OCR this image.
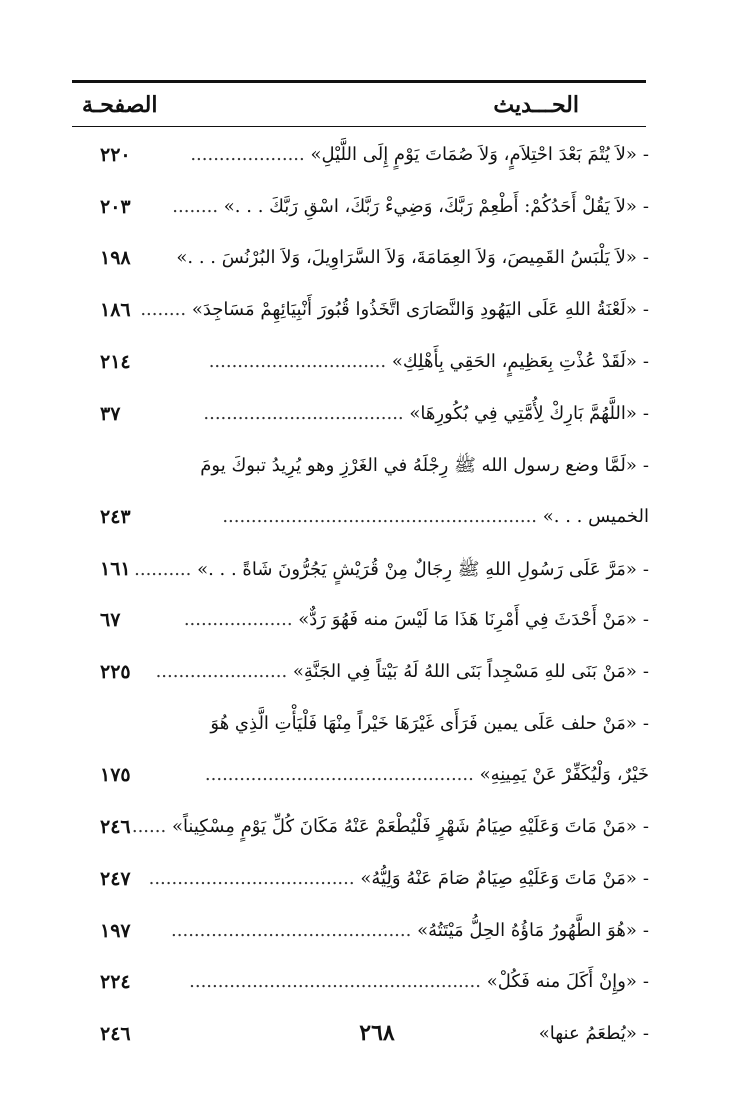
الحـــديث
الصفحـة
-«لاَ يُتْمَ بَعْدَ احْتِلاَمٍ، وَلاَ صُمَاتَ يَوْمٍ إِلَى اللَّيْلِ» ....................
٢٢٠
-«لاَ يَقُلْ أَحَدُكُمْ: أَطْعِمْ رَبَّكَ، وَضِيءْ رَبَّكَ، اسْقِ رَبَّكَ . . .» ........
٢٠٣
-«لاَ يَلْبَسُ القَمِيصَ، وَلاَ العِمَامَةَ، وَلاَ السَّرَاوِيلَ، وَلاَ البُرْنُسَ . . .»
١٩٨
-«لَعْنَةُ اللهِ عَلَى اليَهُودِ وَالنَّصَارَى اتَّخَذُوا قُبُورَ أَنْبِيَائِهِمْ مَسَاجِدَ» ........
١٨٦
-«لَقَدْ عُذْتِ بِعَظِيمٍ، الحَقِي بِأَهْلِكِ» ...............................
٢١٤
-«اللَّهُمَّ بَارِكْ لِأُمَّتِي فِي بُكُورِهَا» ...................................
٣٧
-«لَمَّا وضع رسول الله ﷺ رِجْلَهُ في الغَرْزِ وهو يُرِيدُ تبوكَ يومَ
الخميس . . .» .......................................................
٢٤٣
-«مَرَّ عَلَى رَسُولِ اللهِ ﷺ رِجَالٌ مِنْ قُرَيْشٍ يَجُرُّونَ شَاةً . . .» ..........
١٦١
-«مَنْ أَحْدَثَ فِي أَمْرِنَا هَذَا مَا لَيْسَ منه فَهُوَ رَدٌّ» ...................
٦٧
-«مَنْ بَنَى للهِ مَسْجِداً بَنَى اللهُ لَهُ بَيْتاً فِي الجَنَّةِ» .......................
٢٢٥
-«مَنْ حلف عَلَى يمين فَرَأَى غَيْرَهَا خَيْراً مِنْهَا فَلْيَأْتِ الَّذِي هُوَ
خَيْرٌ، وَلْيُكَفِّرْ عَنْ يَمِينِهِ» ...............................................
١٧٥
-«مَنْ مَاتَ وَعَلَيْهِ صِيَامُ شَهْرٍ فَلْيُطْعَمْ عَنْهُ مَكَانَ كُلِّ يَوْمٍ مِسْكِيناً» ......
٢٤٦
-«مَنْ مَاتَ وَعَلَيْهِ صِيَامٌ صَامَ عَنْهُ وَلِيُّهُ» ....................................
٢٤٧
-«هُوَ الطَّهُورُ مَاؤُهُ الحِلُّ مَيْتَتُهُ» ..........................................
١٩٧
-«وإِنْ أَكَلَ منه فَكُلْ» ...................................................
٢٢٤
-«يُطعَمُ عنها»
٢٤٦	٢٦٨
